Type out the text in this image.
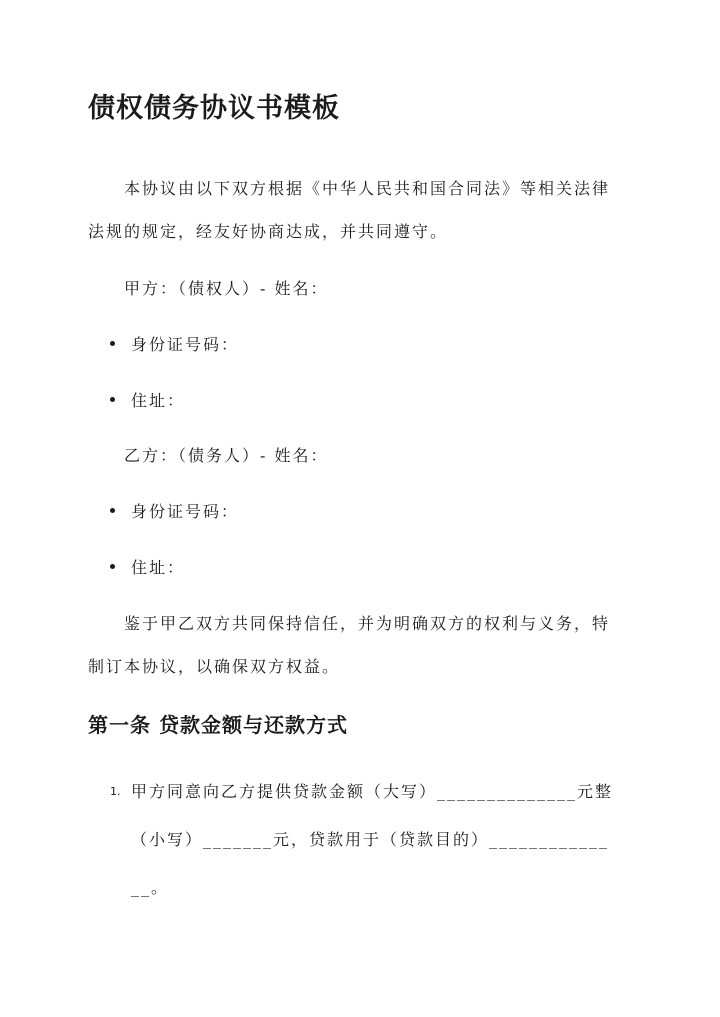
债权债务协议书模板
本协议由以下双方根据《中华人民共和国合同法》等相关法律
法规的规定，经友好协商达成，并共同遵守。
甲方：（债权人）- 姓名：
身份证号码：
住址：
乙方：（债务人）- 姓名：
身份证号码：
住址：
鉴于甲乙双方共同保持信任，并为明确双方的权利与义务，特
制订本协议，以确保双方权益。
第一条 贷款金额与还款方式
1. 甲方同意向乙方提供贷款金额（大写）______________元整
（小写）_______元，贷款用于（贷款目的）____________
__。
